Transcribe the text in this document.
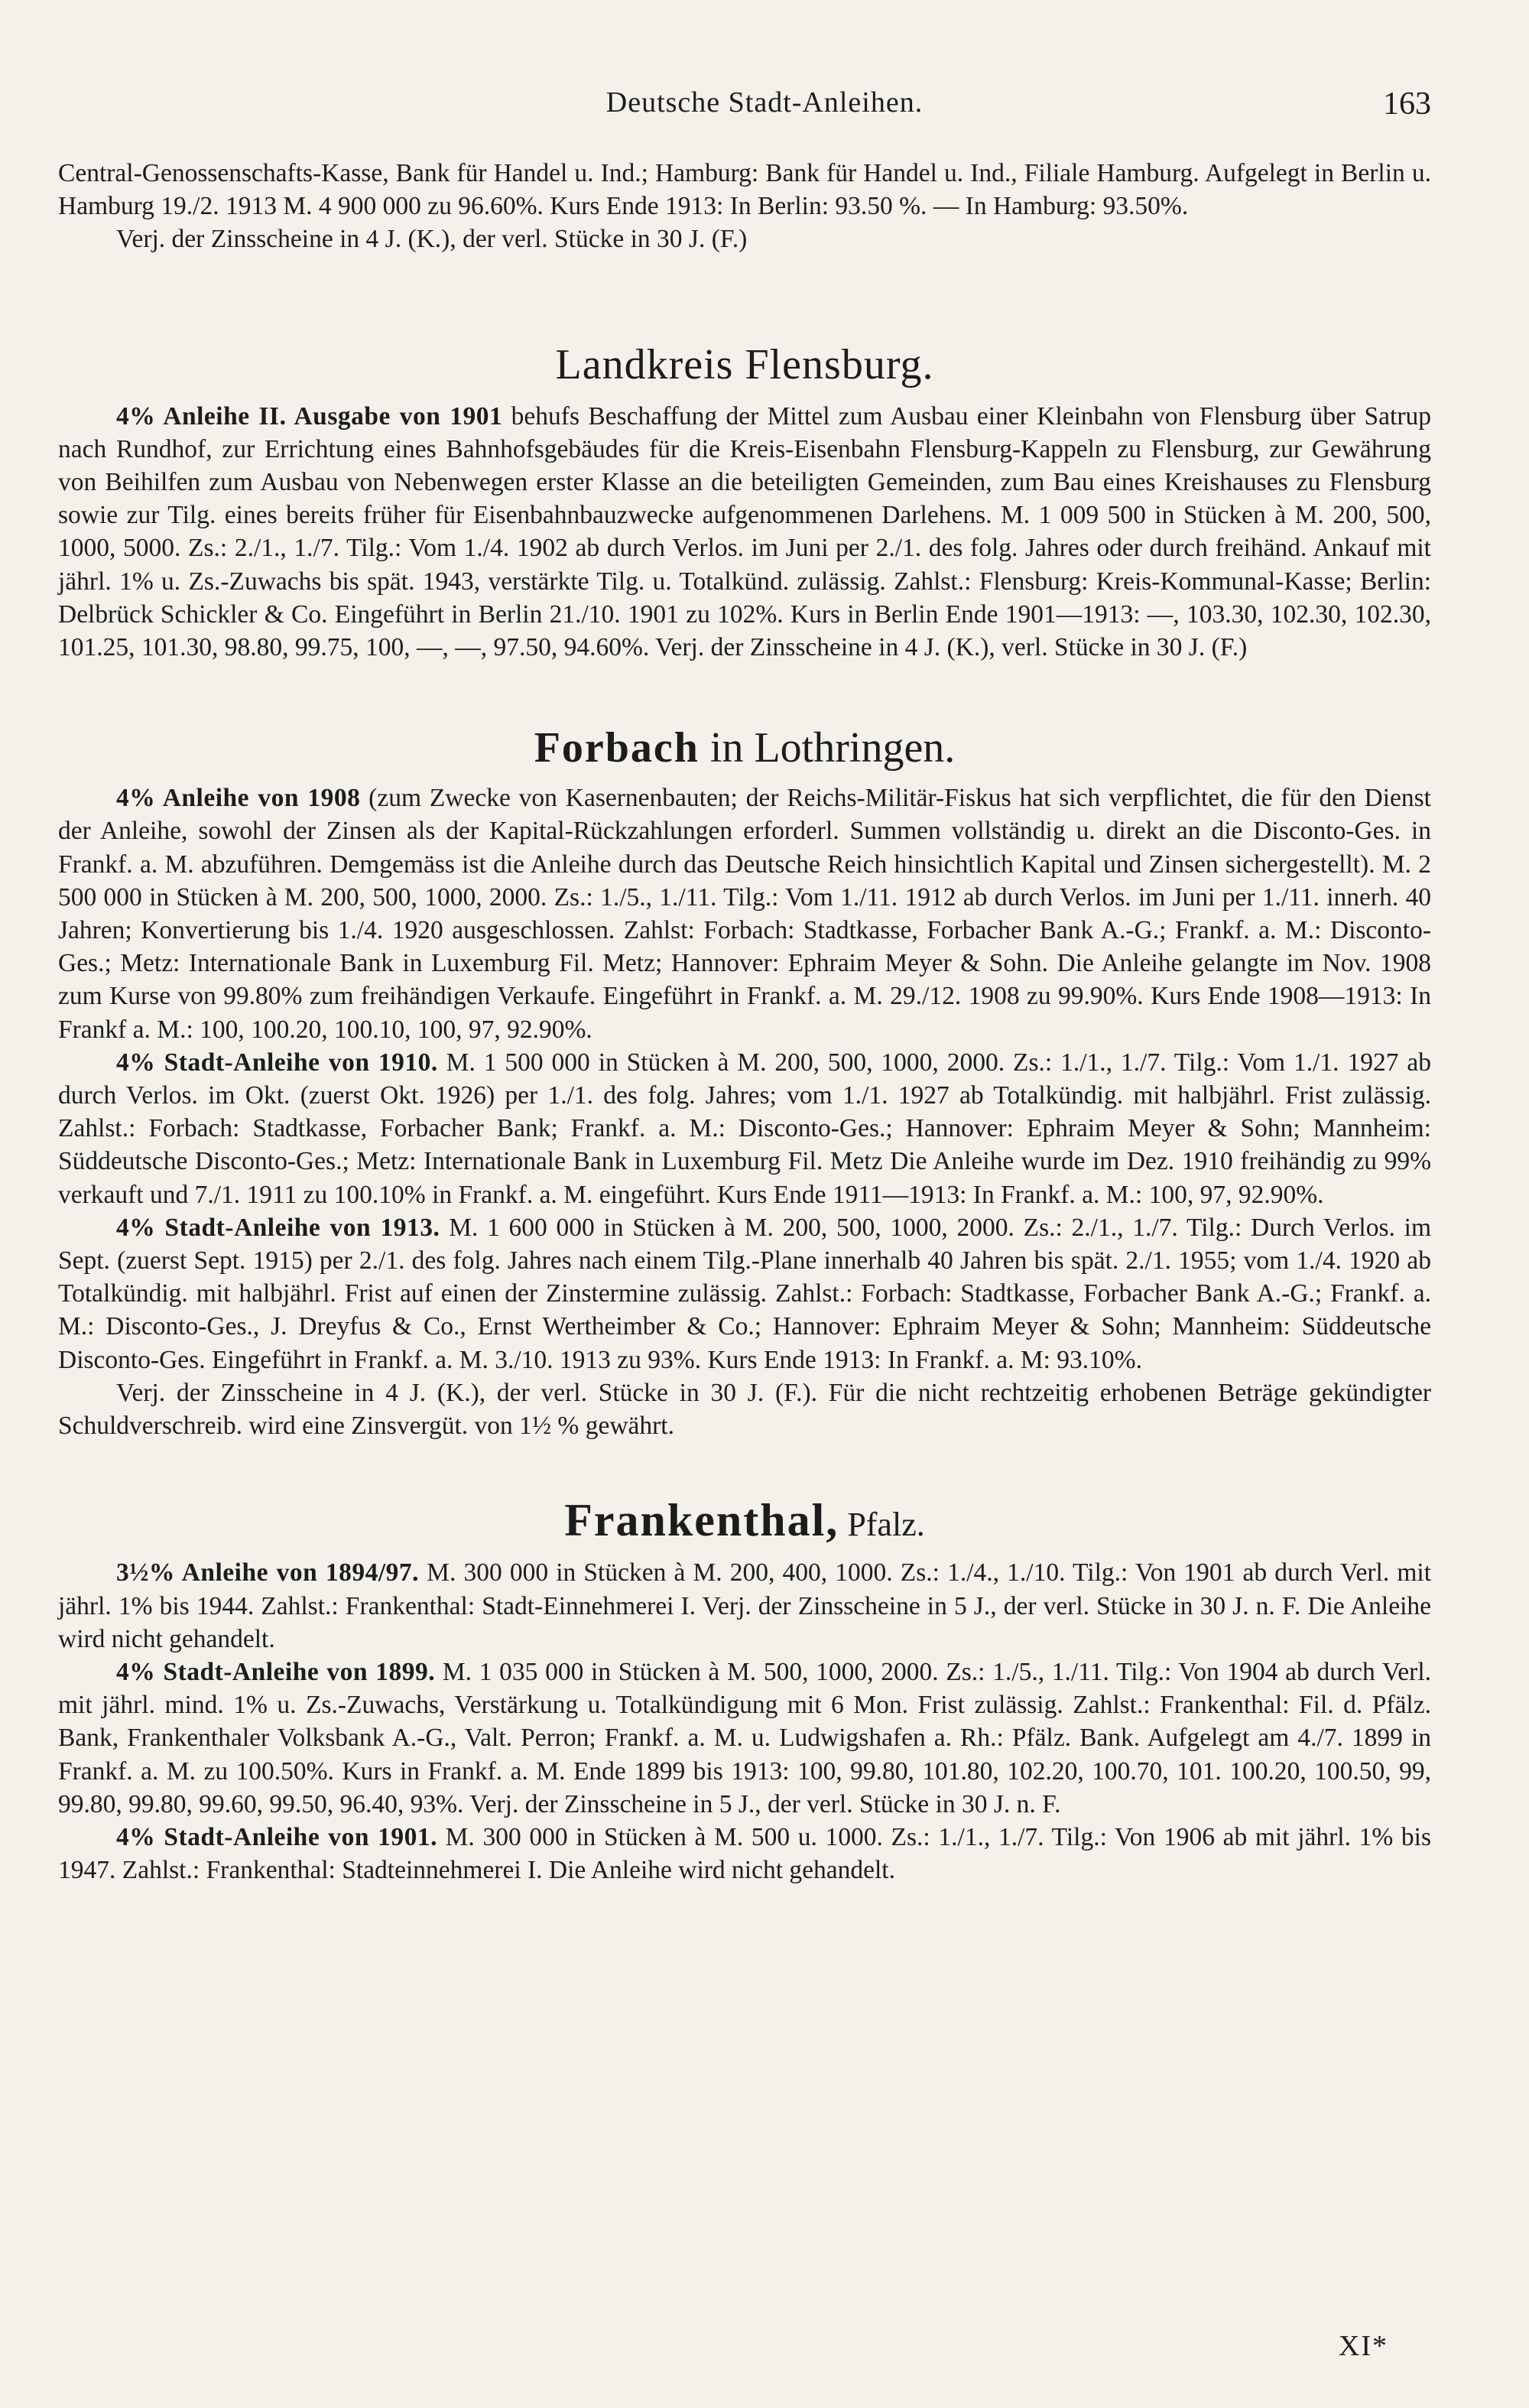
Deutsche Stadt-Anleihen.	163

Central-Genossenschafts-Kasse, Bank für Handel u. Ind.; Hamburg: Bank für Handel u. Ind., Filiale Hamburg. Aufgelegt in Berlin u. Hamburg 19./2. 1913 M. 4 900 000 zu 96.60%. Kurs Ende 1913: In Berlin: 93.50 %. — In Hamburg: 93.50%.

Verj. der Zinsscheine in 4 J. (K.), der verl. Stücke in 30 J. (F.)

Landkreis Flensburg.

4% Anleihe II. Ausgabe von 1901 behufs Beschaffung der Mittel zum Ausbau einer Kleinbahn von Flensburg über Satrup nach Rundhof, zur Errichtung eines Bahnhofsgebäudes für die Kreis-Eisenbahn Flensburg-Kappeln zu Flensburg, zur Gewährung von Beihilfen zum Ausbau von Nebenwegen erster Klasse an die beteiligten Gemeinden, zum Bau eines Kreishauses zu Flensburg sowie zur Tilg. eines bereits früher für Eisenbahnbauzwecke aufgenommenen Darlehens. M. 1 009 500 in Stücken à M. 200, 500, 1000, 5000. Zs.: 2./1., 1./7. Tilg.: Vom 1./4. 1902 ab durch Verlos. im Juni per 2./1. des folg. Jahres oder durch freihänd. Ankauf mit jährl. 1% u. Zs.-Zuwachs bis spät. 1943, verstärkte Tilg. u. Totalkünd. zulässig. Zahlst.: Flensburg: Kreis-Kommunal-Kasse; Berlin: Delbrück Schickler & Co. Eingeführt in Berlin 21./10. 1901 zu 102%. Kurs in Berlin Ende 1901—1913: —, 103.30, 102.30, 102.30, 101.25, 101.30, 98.80, 99.75, 100, —, —, 97.50, 94.60%. Verj. der Zinsscheine in 4 J. (K.), verl. Stücke in 30 J. (F.)

Forbach in Lothringen.

4% Anleihe von 1908 (zum Zwecke von Kasernenbauten; der Reichs-Militär-Fiskus hat sich verpflichtet, die für den Dienst der Anleihe, sowohl der Zinsen als der Kapital-Rückzahlungen erforderl. Summen vollständig u. direkt an die Disconto-Ges. in Frankf. a. M. abzuführen. Demgemäss ist die Anleihe durch das Deutsche Reich hinsichtlich Kapital und Zinsen sichergestellt). M. 2 500 000 in Stücken à M. 200, 500, 1000, 2000. Zs.: 1./5., 1./11. Tilg.: Vom 1./11. 1912 ab durch Verlos. im Juni per 1./11. innerh. 40 Jahren; Konvertierung bis 1./4. 1920 ausgeschlossen. Zahlst: Forbach: Stadtkasse, Forbacher Bank A.-G.; Frankf. a. M.: Disconto-Ges.; Metz: Internationale Bank in Luxemburg Fil. Metz; Hannover: Ephraim Meyer & Sohn. Die Anleihe gelangte im Nov. 1908 zum Kurse von 99.80% zum freihändigen Verkaufe. Eingeführt in Frankf. a. M. 29./12. 1908 zu 99.90%. Kurs Ende 1908—1913: In Frankf a. M.: 100, 100.20, 100.10, 100, 97, 92.90%.

4% Stadt-Anleihe von 1910. M. 1 500 000 in Stücken à M. 200, 500, 1000, 2000. Zs.: 1./1., 1./7. Tilg.: Vom 1./1. 1927 ab durch Verlos. im Okt. (zuerst Okt. 1926) per 1./1. des folg. Jahres; vom 1./1. 1927 ab Totalkündig. mit halbjährl. Frist zulässig. Zahlst.: Forbach: Stadtkasse, Forbacher Bank; Frankf. a. M.: Disconto-Ges.; Hannover: Ephraim Meyer & Sohn; Mannheim: Süddeutsche Disconto-Ges.; Metz: Internationale Bank in Luxemburg Fil. Metz Die Anleihe wurde im Dez. 1910 freihändig zu 99% verkauft und 7./1. 1911 zu 100.10% in Frankf. a. M. eingeführt. Kurs Ende 1911—1913: In Frankf. a. M.: 100, 97, 92.90%.

4% Stadt-Anleihe von 1913. M. 1 600 000 in Stücken à M. 200, 500, 1000, 2000. Zs.: 2./1., 1./7. Tilg.: Durch Verlos. im Sept. (zuerst Sept. 1915) per 2./1. des folg. Jahres nach einem Tilg.-Plane innerhalb 40 Jahren bis spät. 2./1. 1955; vom 1./4. 1920 ab Totalkündig. mit halbjährl. Frist auf einen der Zinstermine zulässig. Zahlst.: Forbach: Stadtkasse, Forbacher Bank A.-G.; Frankf. a. M.: Disconto-Ges., J. Dreyfus & Co., Ernst Wertheimber & Co.; Hannover: Ephraim Meyer & Sohn; Mannheim: Süddeutsche Disconto-Ges. Eingeführt in Frankf. a. M. 3./10. 1913 zu 93%. Kurs Ende 1913: In Frankf. a. M: 93.10%.

Verj. der Zinsscheine in 4 J. (K.), der verl. Stücke in 30 J. (F.). Für die nicht rechtzeitig erhobenen Beträge gekündigter Schuldverschreib. wird eine Zinsvergüt. von 1½ % gewährt.

Frankenthal, Pfalz.

3½% Anleihe von 1894/97. M. 300 000 in Stücken à M. 200, 400, 1000. Zs.: 1./4., 1./10. Tilg.: Von 1901 ab durch Verl. mit jährl. 1% bis 1944. Zahlst.: Frankenthal: Stadt-Einnehmerei I. Verj. der Zinsscheine in 5 J., der verl. Stücke in 30 J. n. F. Die Anleihe wird nicht gehandelt.

4% Stadt-Anleihe von 1899. M. 1 035 000 in Stücken à M. 500, 1000, 2000. Zs.: 1./5., 1./11. Tilg.: Von 1904 ab durch Verl. mit jährl. mind. 1% u. Zs.-Zuwachs, Verstärkung u. Totalkündigung mit 6 Mon. Frist zulässig. Zahlst.: Frankenthal: Fil. d. Pfälz. Bank, Frankenthaler Volksbank A.-G., Valt. Perron; Frankf. a. M. u. Ludwigshafen a. Rh.: Pfälz. Bank. Aufgelegt am 4./7. 1899 in Frankf. a. M. zu 100.50%. Kurs in Frankf. a. M. Ende 1899 bis 1913: 100, 99.80, 101.80, 102.20, 100.70, 101. 100.20, 100.50, 99, 99.80, 99.80, 99.60, 99.50, 96.40, 93%. Verj. der Zinsscheine in 5 J., der verl. Stücke in 30 J. n. F.

4% Stadt-Anleihe von 1901. M. 300 000 in Stücken à M. 500 u. 1000. Zs.: 1./1., 1./7. Tilg.: Von 1906 ab mit jährl. 1% bis 1947. Zahlst.: Frankenthal: Stadteinnehmerei I. Die Anleihe wird nicht gehandelt.

XI*
